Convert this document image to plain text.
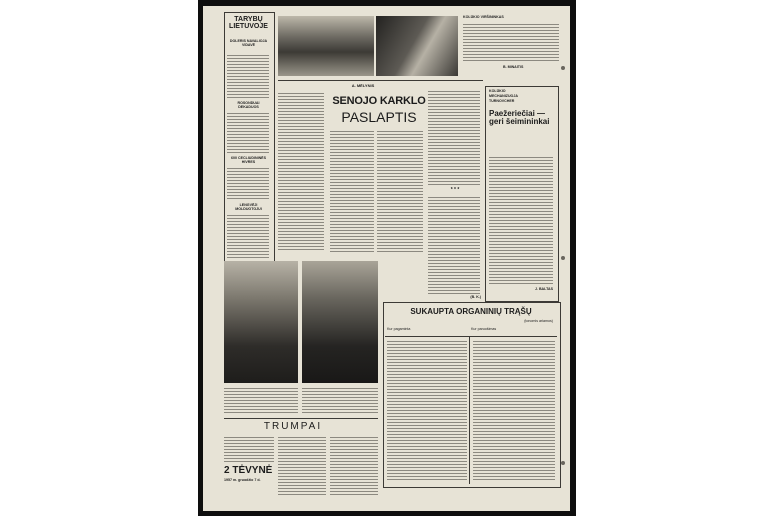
TARYBŲ LIETUVOJE
DOLERIS NAVALIOJA VIDAVĖ
ROSONDUAI DEKADUOS
600 CECLIUDININĖS HIVRES
LENGVĖJI MOLDUOTOJUI
KOLŪKIO VIRŠININKAS
B. MINAITIS
A. MĖLYNIS
SENOJO KARKLO
PASLAPTIS
* * *
(B. K.)
KOLŪKIO
MECHANIZUOJA
TURNOVCHER
Paežeriečiai — geri šeimininkai
J. BALTAS
SUKAUPTA ORGANINIŲ TRĄŠŲ
(tonomis ariamos)
Kur pagaminta	Kur paruošimas
TRUMPAI
2 TĖVYNĖ
1957 m. gruodžio 7 d.
